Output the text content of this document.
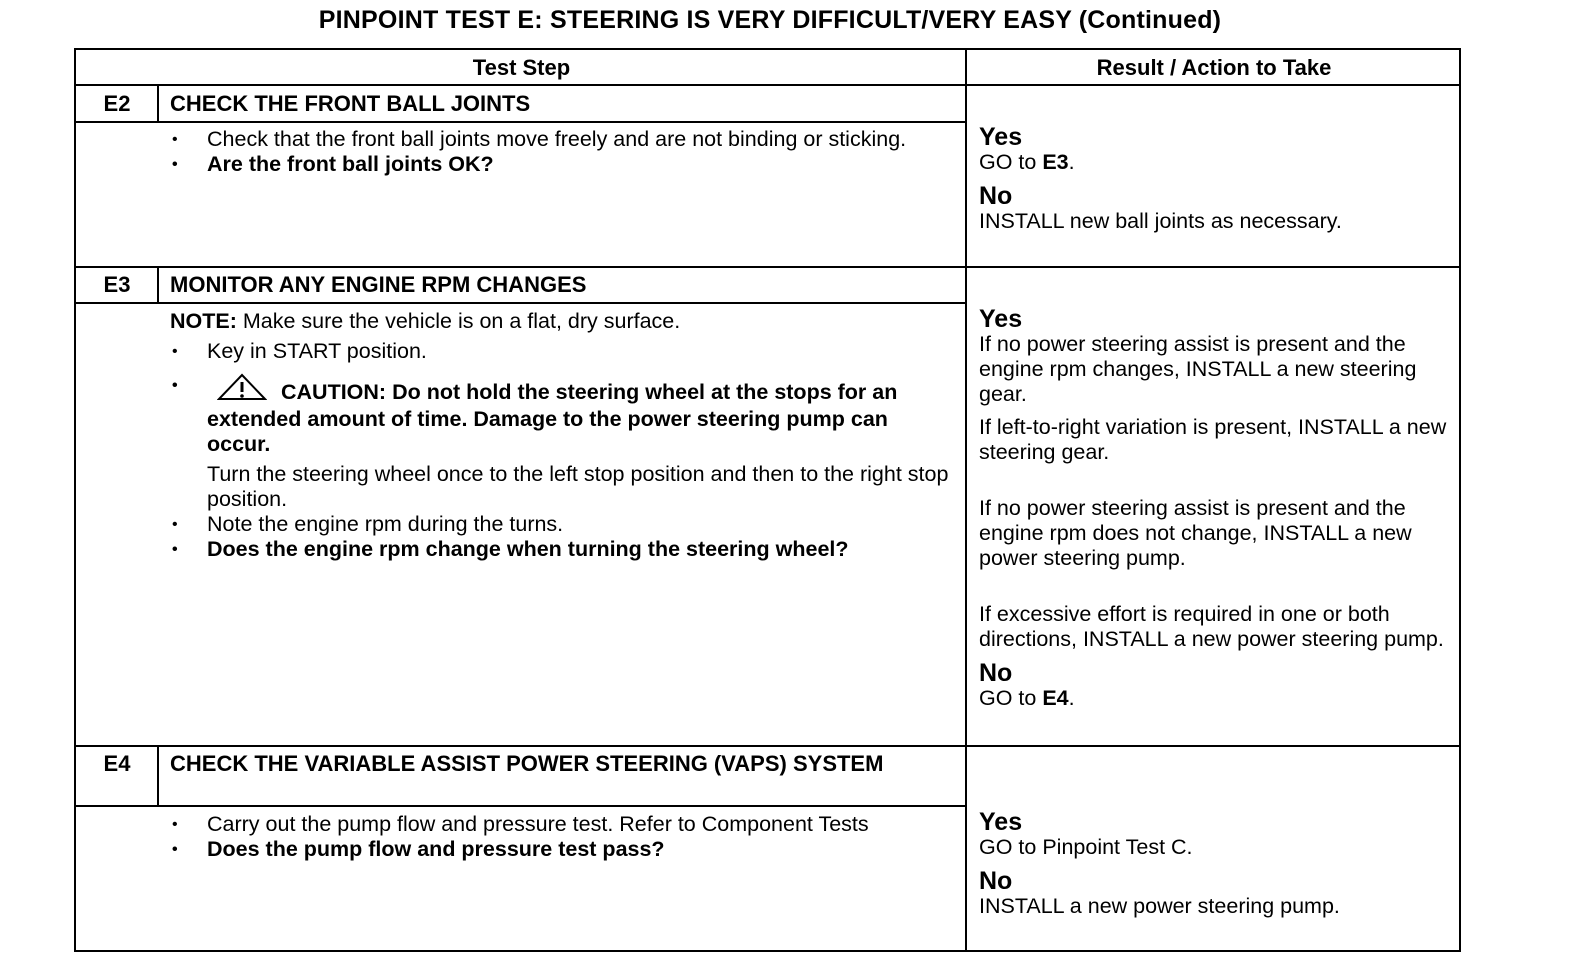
PINPOINT TEST E: STEERING IS VERY DIFFICULT/VERY EASY (Continued)
Test Step	Result / Action to Take
E2	CHECK THE FRONT BALL JOINTS
• Check that the front ball joints move freely and are not binding or sticking.
• Are the front ball joints OK?
Yes
GO to E3.
No
INSTALL new ball joints as necessary.
E3	MONITOR ANY ENGINE RPM CHANGES
NOTE: Make sure the vehicle is on a flat, dry surface.
• Key in START position.
• CAUTION: Do not hold the steering wheel at the stops for an extended amount of time. Damage to the power steering pump can occur.
Turn the steering wheel once to the left stop position and then to the right stop position.
• Note the engine rpm during the turns.
• Does the engine rpm change when turning the steering wheel?
Yes
If no power steering assist is present and the engine rpm changes, INSTALL a new steering gear.
If left-to-right variation is present, INSTALL a new steering gear.
If no power steering assist is present and the engine rpm does not change, INSTALL a new power steering pump.
If excessive effort is required in one or both directions, INSTALL a new power steering pump.
No
GO to E4.
E4	CHECK THE VARIABLE ASSIST POWER STEERING (VAPS) SYSTEM
• Carry out the pump flow and pressure test. Refer to Component Tests
• Does the pump flow and pressure test pass?
Yes
GO to Pinpoint Test C.
No
INSTALL a new power steering pump.
